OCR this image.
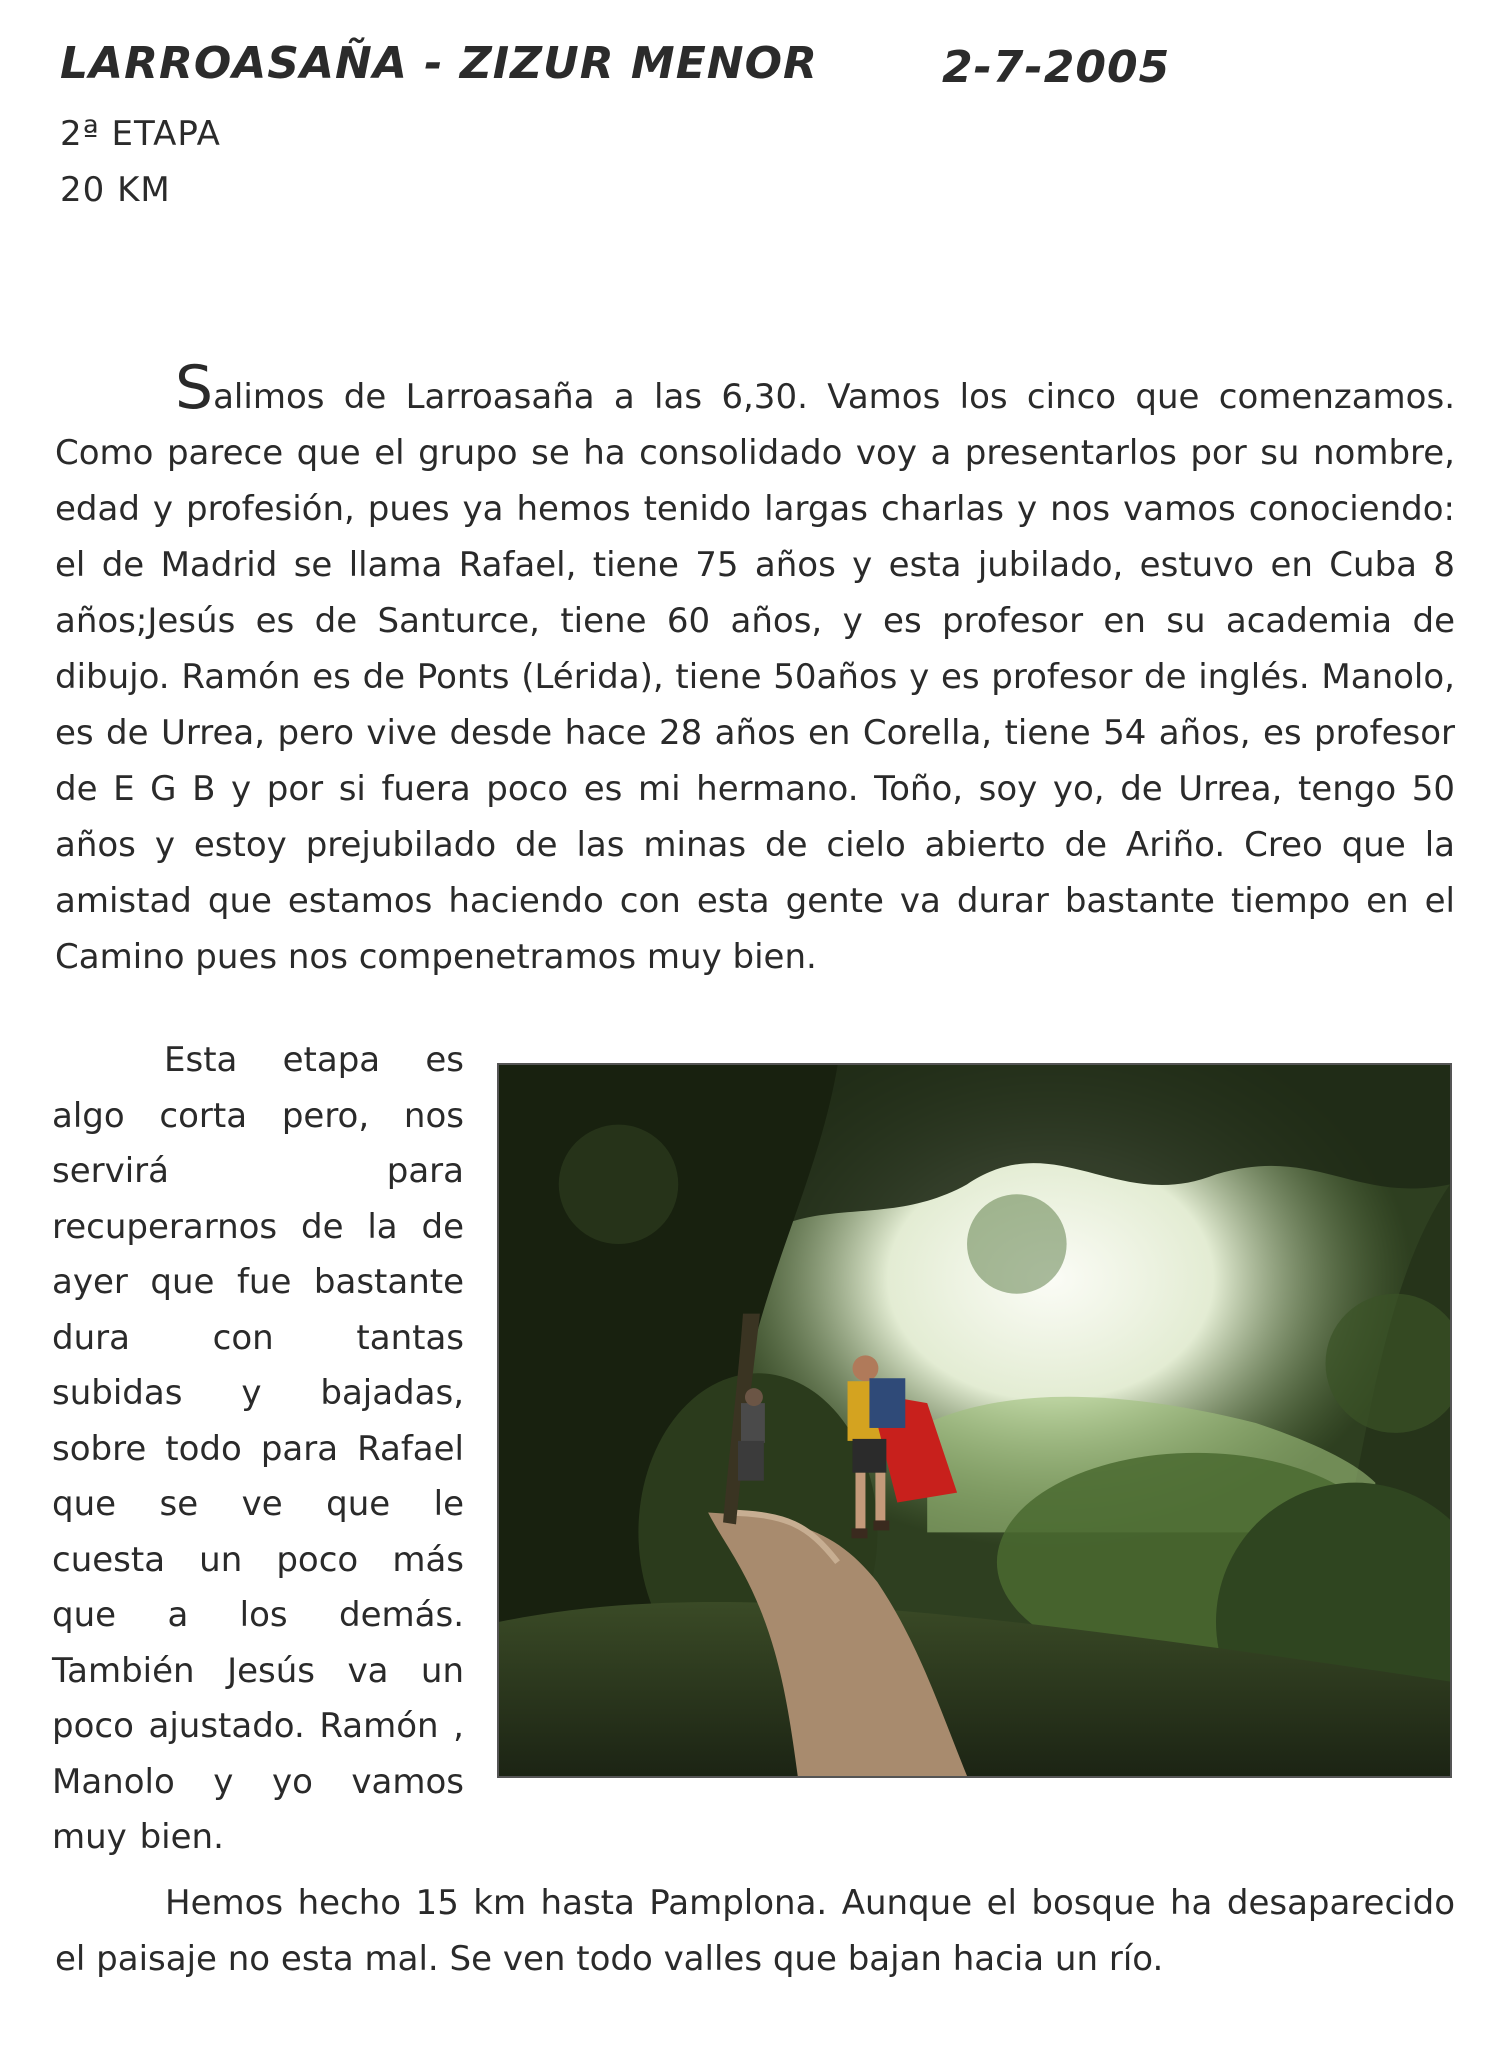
LARROASAÑA - ZIZUR MENOR	2-7-2005
2ª ETAPA
20 KM

Salimos de Larroasaña a las 6,30. Vamos los cinco que comenzamos. Como parece que el grupo se ha consolidado voy a presentarlos por su nombre, edad y profesión, pues ya hemos tenido largas charlas y nos vamos conociendo: el de Madrid se llama Rafael, tiene 75 años y esta jubilado, estuvo en Cuba 8 años;Jesús es de Santurce, tiene 60 años, y es profesor en su academia de dibujo. Ramón es de Ponts (Lérida), tiene 50años y es profesor de inglés. Manolo, es de Urrea, pero vive desde hace 28 años en Corella, tiene 54 años, es profesor de E G B y por si fuera poco es mi hermano. Toño, soy yo, de Urrea, tengo 50 años y estoy prejubilado de las minas de cielo abierto de Ariño. Creo que la amistad que estamos haciendo con esta gente va durar bastante tiempo en el Camino pues nos compenetramos muy bien.

Esta etapa es algo corta pero, nos servirá para recuperarnos de la de ayer que fue bastante dura con tantas subidas y bajadas, sobre todo para Rafael que se ve que le cuesta un poco más que a los demás. También Jesús va un poco ajustado. Ramón , Manolo y yo vamos muy bien.

Hemos hecho 15 km hasta Pamplona. Aunque el bosque ha desaparecido el paisaje no esta mal. Se ven todo valles que bajan hacia un río.
